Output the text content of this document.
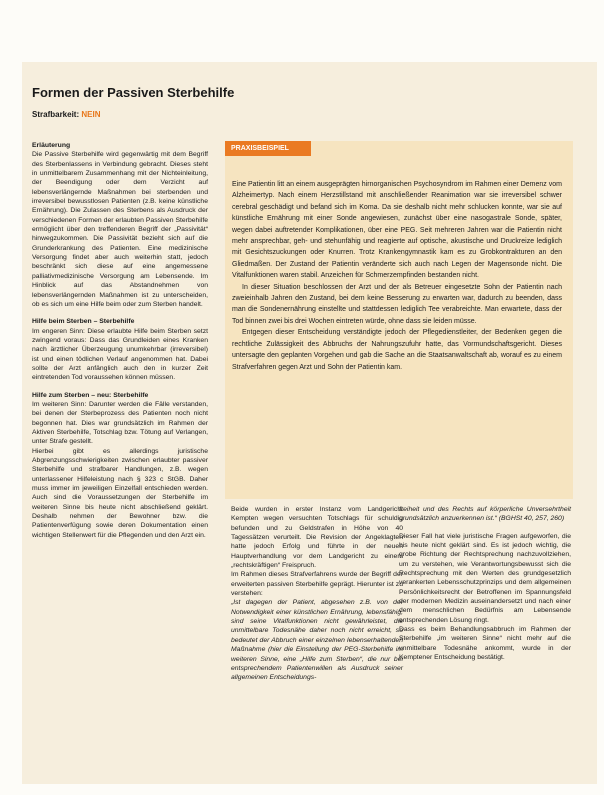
Formen der Passiven Sterbehilfe
Strafbarkeit: NEIN

Erläuterung

Die Passive Sterbehilfe wird gegenwärtig mit dem Begriff des Sterbenlassens in Verbindung gebracht. Dieses steht in unmittelbarem Zusammenhang mit der Nichteinleitung, der Beendigung oder dem Verzicht auf lebensverlängernde Maßnahmen bei sterbenden und irreversibel bewusstlosen Patienten (z.B. keine künstliche Ernährung). Die Zulassen des Sterbens als Ausdruck der verschiedenen Formen der erlaubten Passiven Sterbehilfe ermöglicht über den treffenderen Begriff der „Passivität“ hinwegzukommen. Die Passivität bezieht sich auf die Grunderkrankung des Patienten. Eine medizinische Versorgung findet aber auch weiterhin statt, jedoch beschränkt sich diese auf eine angemessene palliativmedizinische Versorgung am Lebensende. Im Hinblick auf das Abstandnehmen von lebensverlängernden Maßnahmen ist zu unterscheiden, ob es sich um eine Hilfe beim oder zum Sterben handelt.

Hilfe beim Sterben – Sterbehilfe

Im engeren Sinn: Diese erlaubte Hilfe beim Sterben setzt zwingend voraus: Dass das Grundleiden eines Kranken nach ärztlicher Überzeugung unumkehrbar (irreversibel) ist und einen tödlichen Verlauf angenommen hat. Dabei sollte der Arzt anfänglich auch den in kurzer Zeit eintretenden Tod voraussehen können müssen.

Hilfe zum Sterben – neu: Sterbehilfe

Im weiteren Sinn: Darunter werden die Fälle verstanden, bei denen der Sterbeprozess des Patienten noch nicht begonnen hat. Dies war grundsätzlich im Rahmen der Aktiven Sterbehilfe, Totschlag bzw. Tötung auf Verlangen, unter Strafe gestellt.

Hierbei gibt es allerdings juristische Abgrenzungsschwierigkeiten zwischen erlaubter passiver Sterbehilfe und strafbarer Handlungen, z.B. wegen unterlassener Hilfeleistung nach § 323 c StGB. Daher muss immer im jeweiligen Einzelfall entschieden werden. Auch sind die Voraussetzungen der Sterbehilfe im weiteren Sinne bis heute nicht abschließend geklärt. Deshalb nehmen der Bewohner bzw. die Patientenverfügung sowie deren Dokumentation einen wichtigen Stellenwert für die Pflegenden und den Arzt ein.

PRAXISBEISPIEL

Eine Patientin litt an einem ausgeprägten hirnorganischen Psychosyndrom im Rahmen einer Demenz vom Alzheimertyp. Nach einem Herzstillstand mit anschließender Reanimation war sie irreversibel schwer cerebral geschädigt und befand sich im Koma. Da sie deshalb nicht mehr schlucken konnte, war sie auf künstliche Ernährung mit einer Sonde angewiesen, zunächst über eine nasogastrale Sonde, später, wegen dabei auftretender Komplikationen, über eine PEG. Seit mehreren Jahren war die Patientin nicht mehr ansprechbar, geh- und stehunfähig und reagierte auf optische, akustische und Druckreize lediglich mit Gesichtszuckungen oder Knurren. Trotz Krankengymnastik kam es zu Grobkontrakturen an den Gliedmaßen. Der Zustand der Patientin veränderte sich auch nach Legen der Magensonde nicht. Die Vitalfunktionen waren stabil. Anzeichen für Schmerzempfinden bestanden nicht.

In dieser Situation beschlossen der Arzt und der als Betreuer eingesetzte Sohn der Patientin nach zweieinhalb Jahren den Zustand, bei dem keine Besserung zu erwarten war, dadurch zu beenden, dass man die Sondenernährung einstellte und stattdessen lediglich Tee verabreichte. Man erwartete, dass der Tod binnen zwei bis drei Wochen eintreten würde, ohne dass sie leiden müsse.

Entgegen dieser Entscheidung verständigte jedoch der Pflegedienstleiter, der Bedenken gegen die rechtliche Zulässigkeit des Abbruchs der Nahrungszufuhr hatte, das Vormundschaftsgericht. Dieses untersagte den geplanten Vorgehen und gab die Sache an die Staatsanwaltschaft ab, worauf es zu einem Strafverfahren gegen Arzt und Sohn der Patientin kam.

Beide wurden in erster Instanz vom Landgericht Kempten wegen versuchten Totschlags für schuldig befunden und zu Geldstrafen in Höhe von 40 Tagessätzen verurteilt. Die Revision der Angeklagten hatte jedoch Erfolg und führte in der neuen Hauptverhandlung vor dem Landgericht zu einem „rechtskräftigen“ Freispruch.

Im Rahmen dieses Strafverfahrens wurde der Begriff der erweiterten passiven Sterbehilfe geprägt. Hierunter ist zu verstehen:

„Ist dagegen der Patient, abgesehen z.B. von der Notwendigkeit einer künstlichen Ernährung, lebensfähig, sind seine Vitalfunktionen nicht gewährleistet, die unmittelbare Todesnähe daher noch nicht erreicht, so bedeutet der Abbruch einer einzelnen lebenserhaltenden Maßnahme (hier die Einstellung der PEG-Sterbehilfe im weiteren Sinne, eine „Hilfe zum Sterben“, die nur bei entsprechendem Patientenwillen als Ausdruck seiner allgemeinen Entscheidungs-

freiheit und des Rechts auf körperliche Unversehrtheit grundsätzlich anzuerkennen ist.“ (BGHSt 40, 257, 260)

Dieser Fall hat viele juristische Fragen aufgeworfen, die bis heute nicht geklärt sind. Es ist jedoch wichtig, die grobe Richtung der Rechtsprechung nachzuvollziehen, um zu verstehen, wie Verantwortungsbewusst sich die Rechtsprechung mit den Werten des grundgesetzlich verankerten Lebensschutzprinzips und dem allgemeinen Persönlichkeitsrecht der Betroffenen im Spannungsfeld der modernen Medizin auseinandersetzt und nach einer dem menschlichen Bedürfnis am Lebensende entsprechenden Lösung ringt.

Dass es beim Behandlungsabbruch im Rahmen der Sterbehilfe „im weiteren Sinne“ nicht mehr auf die unmittelbare Todesnähe ankommt, wurde in der Kemptener Entscheidung bestätigt.
